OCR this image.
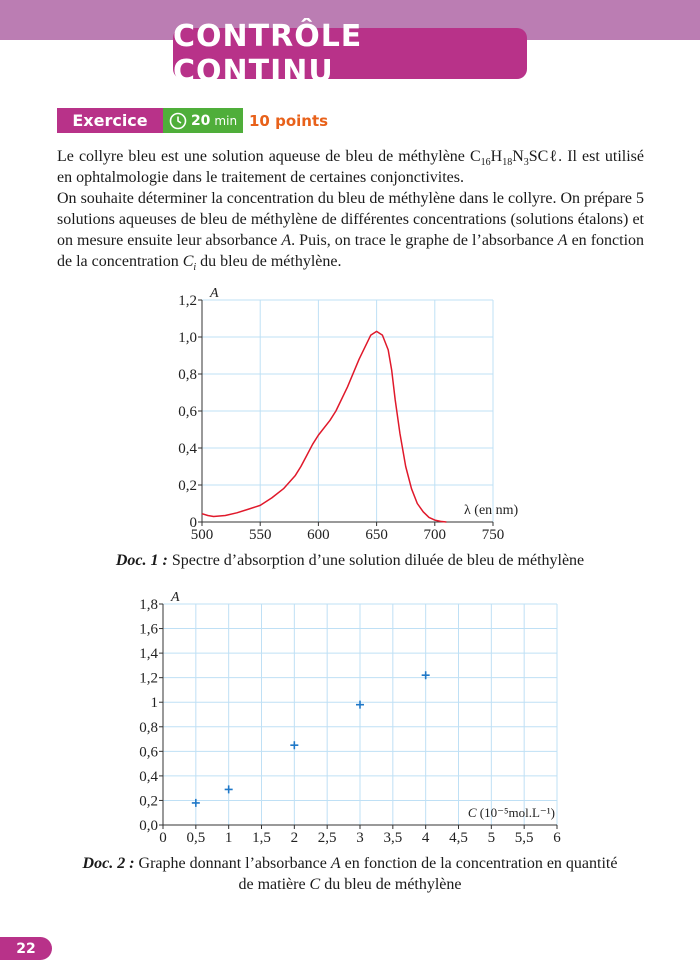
CONTRÔLE CONTINU
Exercice	20 min 10 points

Le collyre bleu est une solution aqueuse de bleu de méthylène $C_{16}H_{18}N_3SC\ell$. Il est utilisé en ophtalmologie dans le traitement de certaines conjonctivites.

On souhaite déterminer la concentration du bleu de méthylène dans le collyre. On prépare 5 solutions aqueuses de bleu de méthylène de différentes concentrations (solutions étalons) et on mesure ensuite leur absorbance A. Puis, on trace le graphe de l’absorbance A en fonction de la concentration $C_i$ du bleu de méthylène.

500 550 600 650 700 750
0
0,2
0,4
0,6
0,8
1,0
1,2 A
λ (en nm)
0 0,5 1 1,5 2 2,5 3 3,5 4 4,5 5 5,5 6
0,0
0,2
0,4
0,6
0,8
1
1,2
1,4
1,6
1,8 A
C (10⁻⁵mol.L⁻¹)
Doc. 1 : Spectre d’absorption d’une solution diluée de bleu de méthylène
Doc. 2 : Graphe donnant l’absorbance A en fonction de la concentration en quantité
de matière C du bleu de méthylène
22
